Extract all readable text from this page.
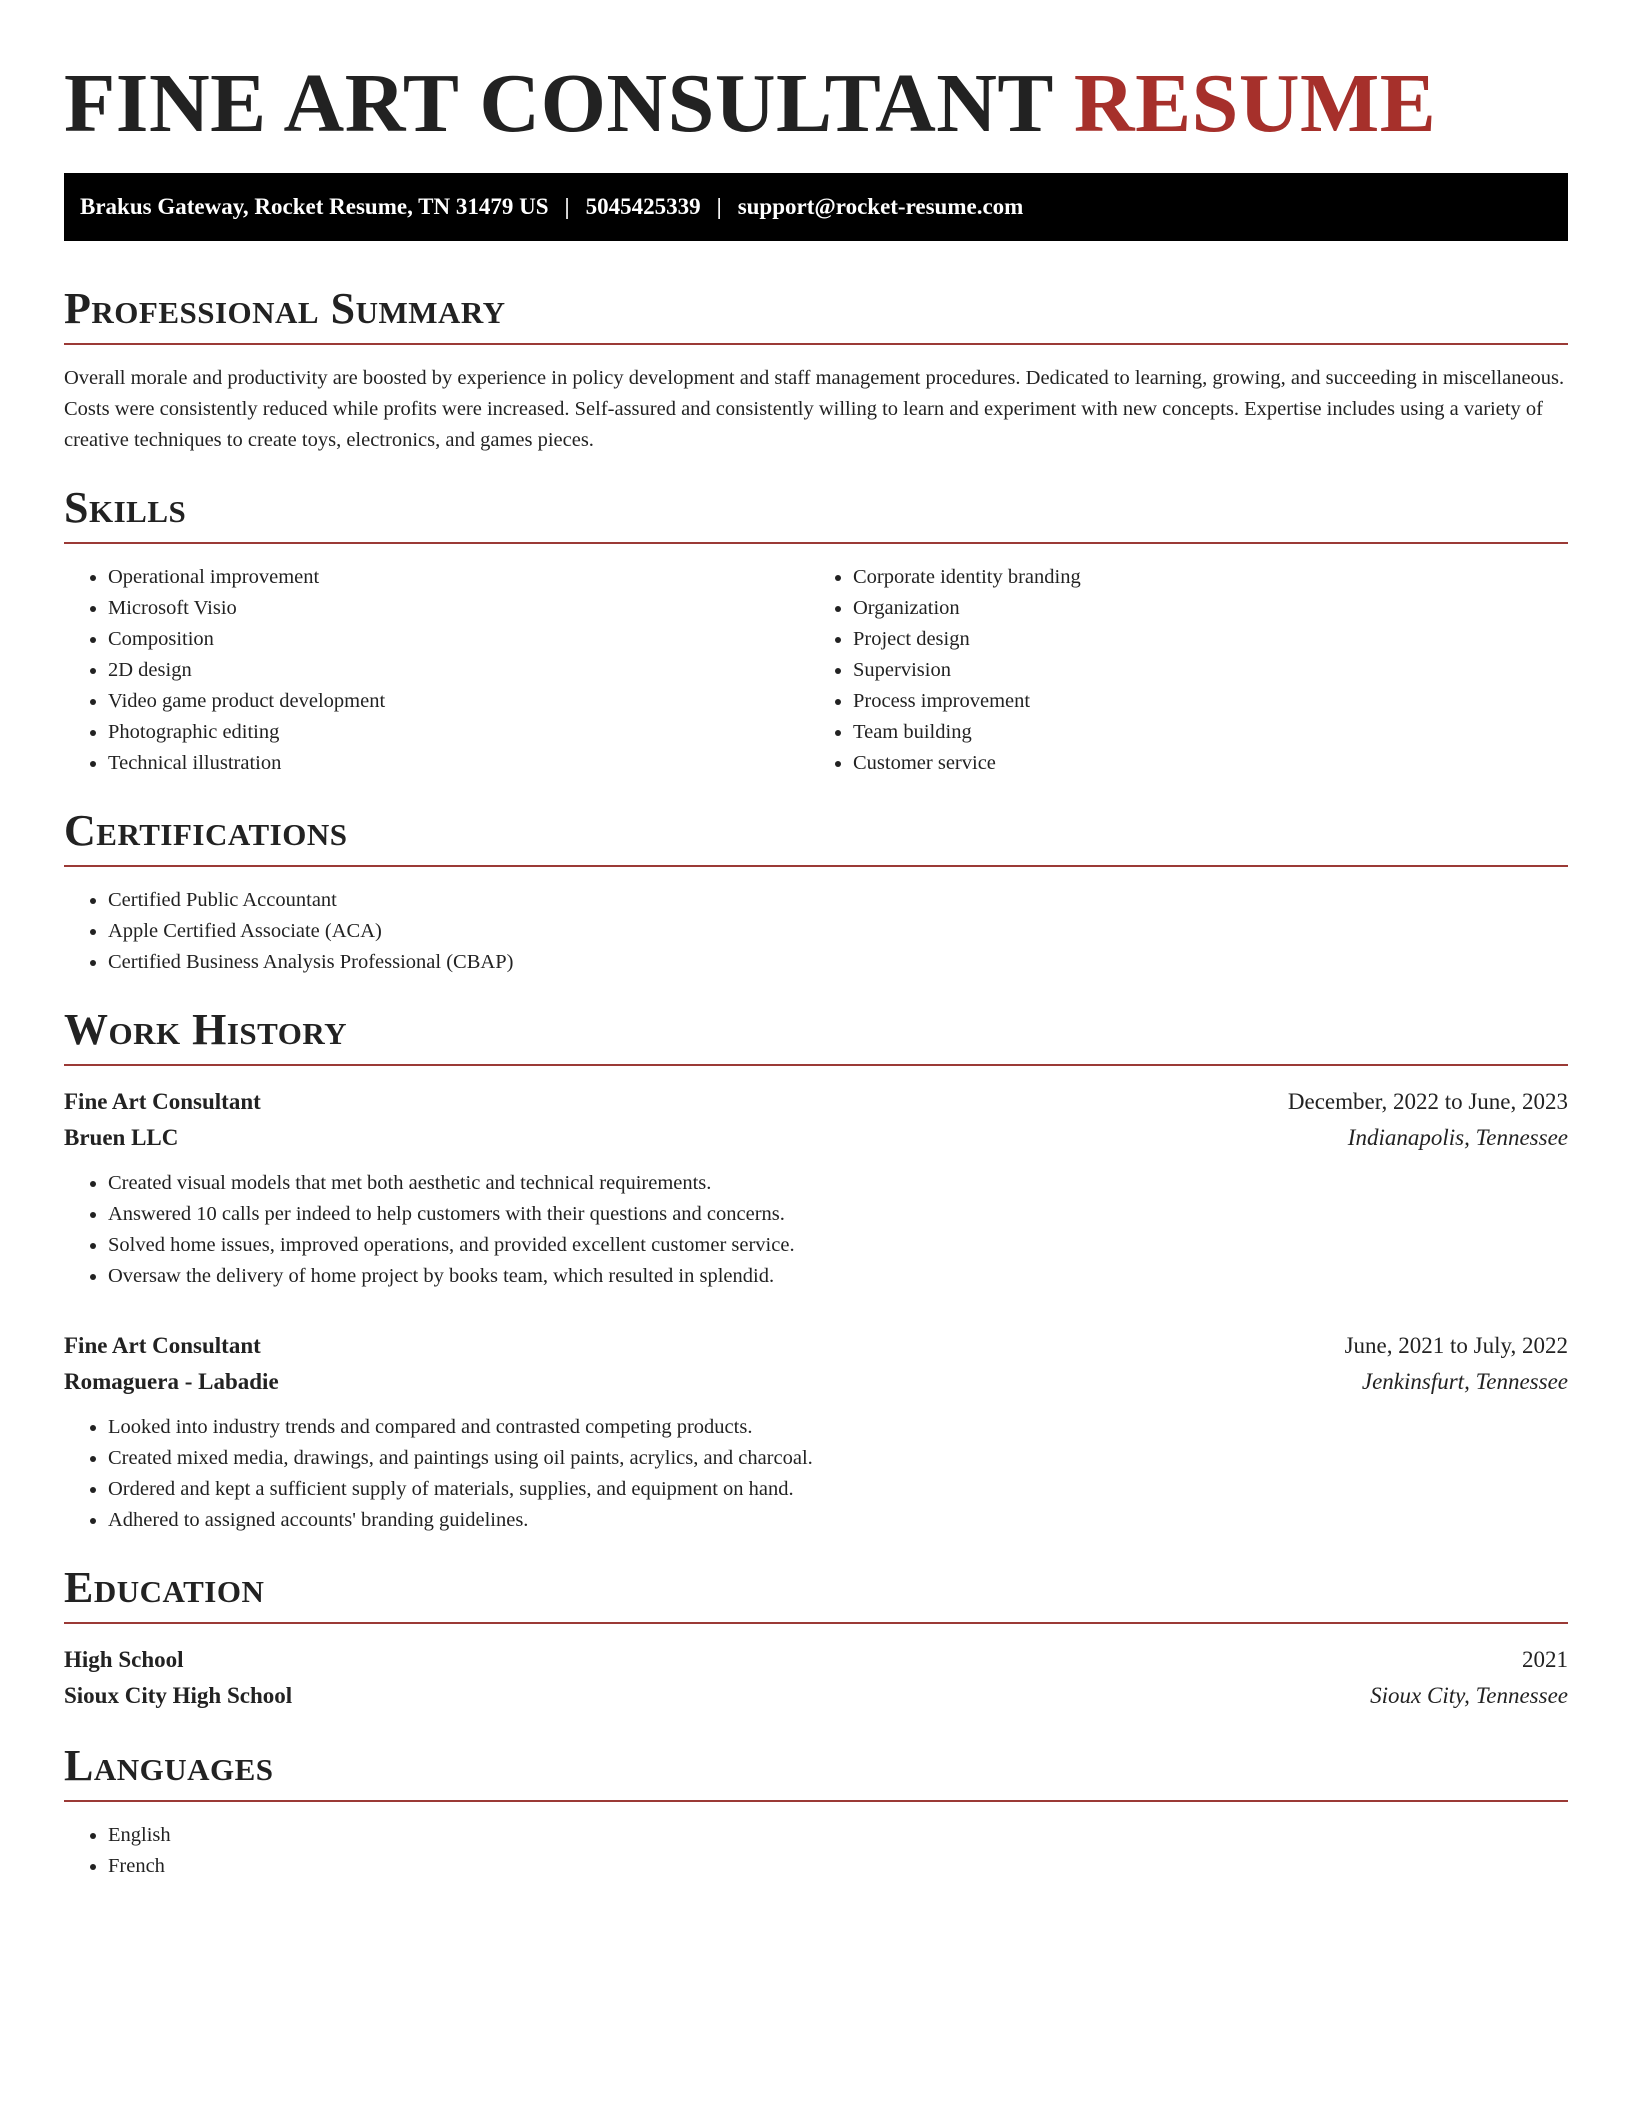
FINE ART CONSULTANT RESUME
Brakus Gateway, Rocket Resume, TN 31479 US | 5045425339 | support@rocket-resume.com
Professional Summary

Overall morale and productivity are boosted by experience in policy development and staff management procedures. Dedicated to learning, growing, and succeeding in miscellaneous. Costs were consistently reduced while profits were increased. Self-assured and consistently willing to learn and experiment with new concepts. Expertise includes using a variety of creative techniques to create toys, electronics, and games pieces.

Skills
• Operational improvement
• Microsoft Visio
• Composition
• 2D design
• Video game product development
• Photographic editing
• Technical illustration
• Corporate identity branding
• Organization
• Project design
• Supervision
• Process improvement
• Team building
• Customer service
Certifications
• Certified Public Accountant
• Apple Certified Associate (ACA)
• Certified Business Analysis Professional (CBAP)
Work History
Fine Art Consultant	December, 2022 to June, 2023
Bruen LLC	Indianapolis, Tennessee
• Created visual models that met both aesthetic and technical requirements.
• Answered 10 calls per indeed to help customers with their questions and concerns.
• Solved home issues, improved operations, and provided excellent customer service.
• Oversaw the delivery of home project by books team, which resulted in splendid.
Fine Art Consultant	June, 2021 to July, 2022
Romaguera - Labadie	Jenkinsfurt, Tennessee
• Looked into industry trends and compared and contrasted competing products.
• Created mixed media, drawings, and paintings using oil paints, acrylics, and charcoal.
• Ordered and kept a sufficient supply of materials, supplies, and equipment on hand.
• Adhered to assigned accounts' branding guidelines.
Education
High School	2021
Sioux City High School	Sioux City, Tennessee
Languages
• English
• French
